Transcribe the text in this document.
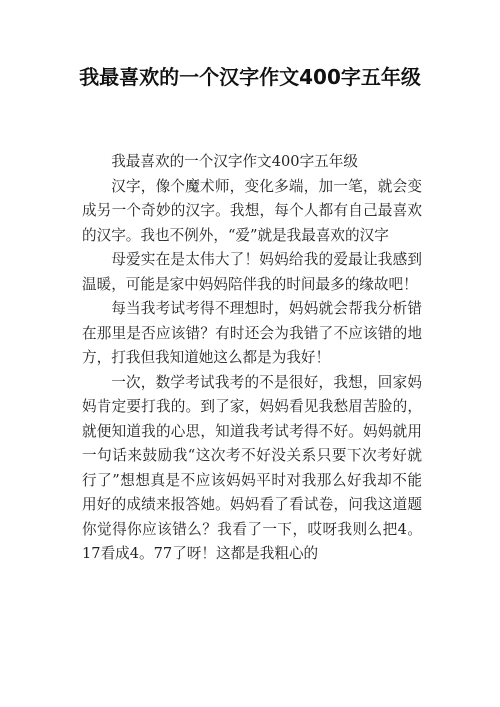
我最喜欢的一个汉字作文400字五年级

我最喜欢的一个汉字作文400字五年级

汉字，像个魔术师，变化多端，加一笔，就会变成另一个奇妙的汉字。我想，每个人都有自己最喜欢的汉字。我也不例外，“爱”就是我最喜欢的汉字

母爱实在是太伟大了！妈妈给我的爱最让我感到温暖，可能是家中妈妈陪伴我的时间最多的缘故吧！

每当我考试考得不理想时，妈妈就会帮我分析错在那里是否应该错？有时还会为我错了不应该错的地方，打我但我知道她这么都是为我好！

一次，数学考试我考的不是很好，我想，回家妈妈肯定要打我的。到了家，妈妈看见我愁眉苦脸的，就便知道我的心思，知道我考试考得不好。妈妈就用一句话来鼓励我“这次考不好没关系只要下次考好就行了”想想真是不应该妈妈平时对我那么好我却不能用好的成绩来报答她。妈妈看了看试卷，问我这道题你觉得你应该错么？我看了一下，哎呀我则么把4。17看成4。77了呀！这都是我粗心的
